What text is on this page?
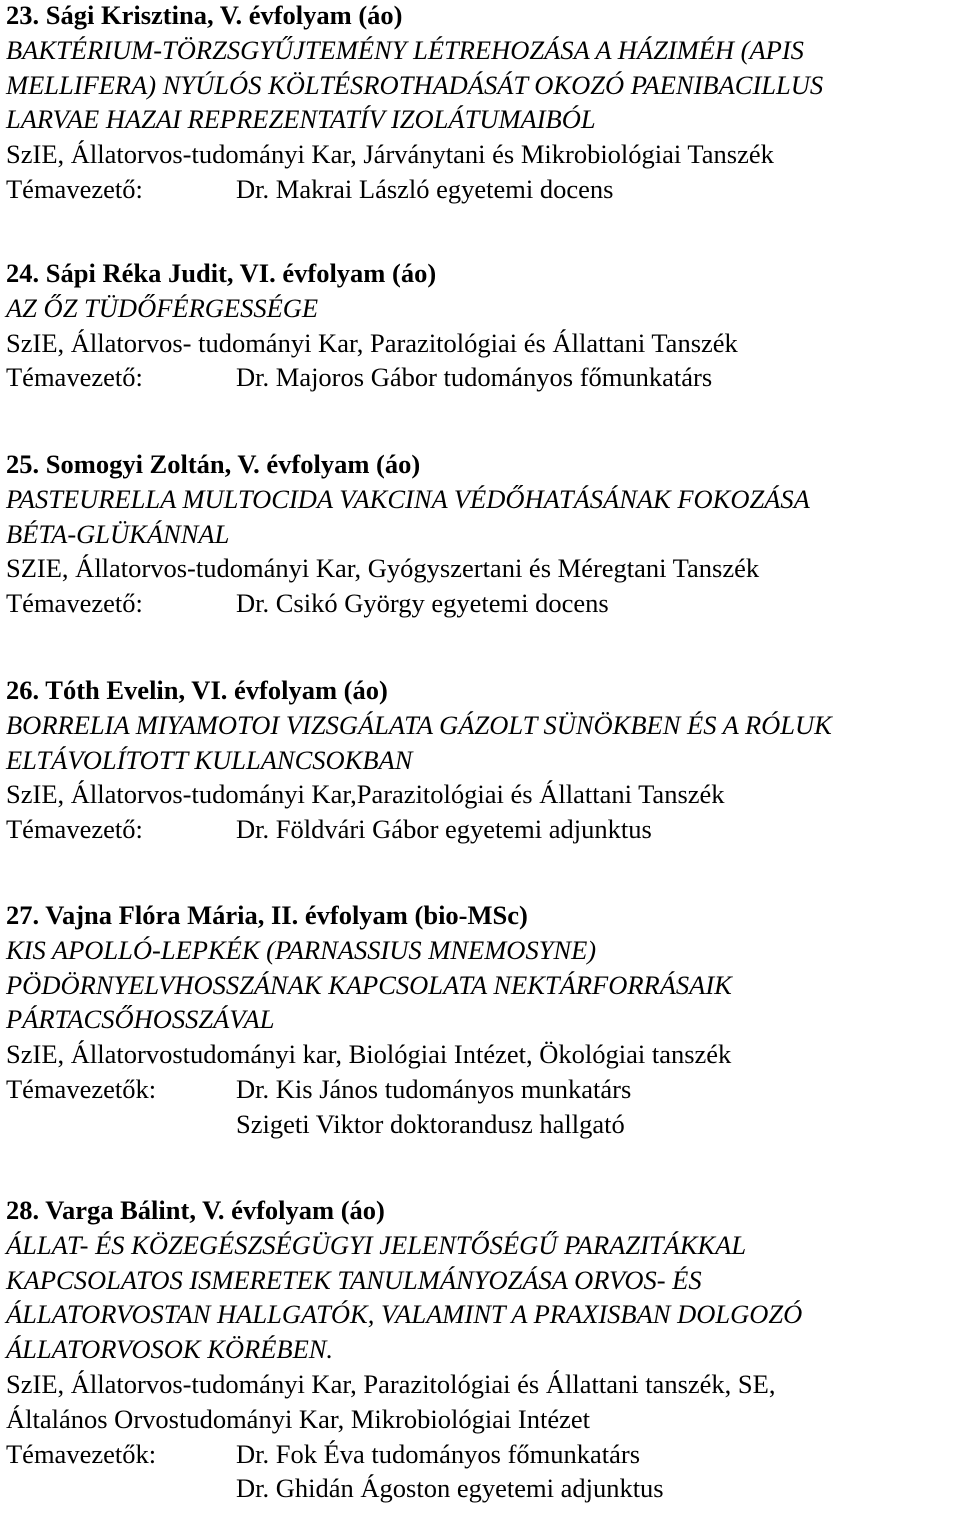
23. Sági Krisztina, V. évfolyam (áo)
BAKTÉRIUM-TÖRZSGYŰJTEMÉNY LÉTREHOZÁSA A HÁZIMÉH (APIS
MELLIFERA) NYÚLÓS KÖLTÉSROTHADÁSÁT OKOZÓ PAENIBACILLUS
LARVAE HAZAI REPREZENTATÍV IZOLÁTUMAIBÓL
SzIE, Állatorvos-tudományi Kar, Járványtani és Mikrobiológiai Tanszék
Témavezető:	Dr. Makrai László egyetemi docens
24. Sápi Réka Judit, VI. évfolyam (áo)
AZ ŐZ TÜDŐFÉRGESSÉGE
SzIE, Állatorvos- tudományi Kar, Parazitológiai és Állattani Tanszék
Témavezető:	Dr. Majoros Gábor tudományos főmunkatárs
25. Somogyi Zoltán, V. évfolyam (áo)
PASTEURELLA MULTOCIDA VAKCINA VÉDŐHATÁSÁNAK FOKOZÁSA
BÉTA-GLÜKÁNNAL
SZIE, Állatorvos-tudományi Kar, Gyógyszertani és Méregtani Tanszék
Témavezető:	Dr. Csikó György egyetemi docens
26. Tóth Evelin, VI. évfolyam (áo)
BORRELIA MIYAMOTOI VIZSGÁLATA GÁZOLT SÜNÖKBEN ÉS A RÓLUK
ELTÁVOLÍTOTT KULLANCSOKBAN
SzIE, Állatorvos-tudományi Kar,Parazitológiai és Állattani Tanszék
Témavezető:	Dr. Földvári Gábor egyetemi adjunktus
27. Vajna Flóra Mária, II. évfolyam (bio-MSc)
KIS APOLLÓ-LEPKÉK (PARNASSIUS MNEMOSYNE)
PÖDÖRNYELVHOSSZÁNAK KAPCSOLATA NEKTÁRFORRÁSAIK
PÁRTACSŐHOSSZÁVAL
SzIE, Állatorvostudományi kar, Biológiai Intézet, Ökológiai tanszék
Témavezetők:	Dr. Kis János tudományos munkatárs
Szigeti Viktor doktorandusz hallgató
28. Varga Bálint, V. évfolyam (áo)
ÁLLAT- ÉS KÖZEGÉSZSÉGÜGYI JELENTŐSÉGŰ PARAZITÁKKAL
KAPCSOLATOS ISMERETEK TANULMÁNYOZÁSA ORVOS- ÉS
ÁLLATORVOSTAN HALLGATÓK, VALAMINT A PRAXISBAN DOLGOZÓ
ÁLLATORVOSOK KÖRÉBEN.
SzIE, Állatorvos-tudományi Kar, Parazitológiai és Állattani tanszék, SE,
Általános Orvostudományi Kar, Mikrobiológiai Intézet
Témavezetők:	Dr. Fok Éva tudományos főmunkatárs
Dr. Ghidán Ágoston egyetemi adjunktus
